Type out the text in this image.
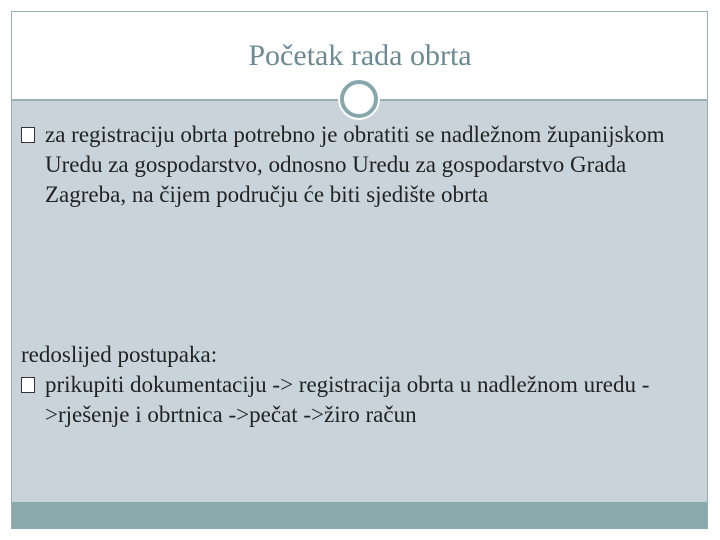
Početak rada obrta
za registraciju obrta potrebno je obratiti se nadležnom županijskom Uredu za gospodarstvo, odnosno Uredu za gospodarstvo Grada Zagreba, na čijem području će biti sjedište obrta
redoslijed postupaka:
prikupiti dokumentaciju -> registracija obrta u nadležnom uredu ->rješenje i obrtnica ->pečat ->žiro račun
